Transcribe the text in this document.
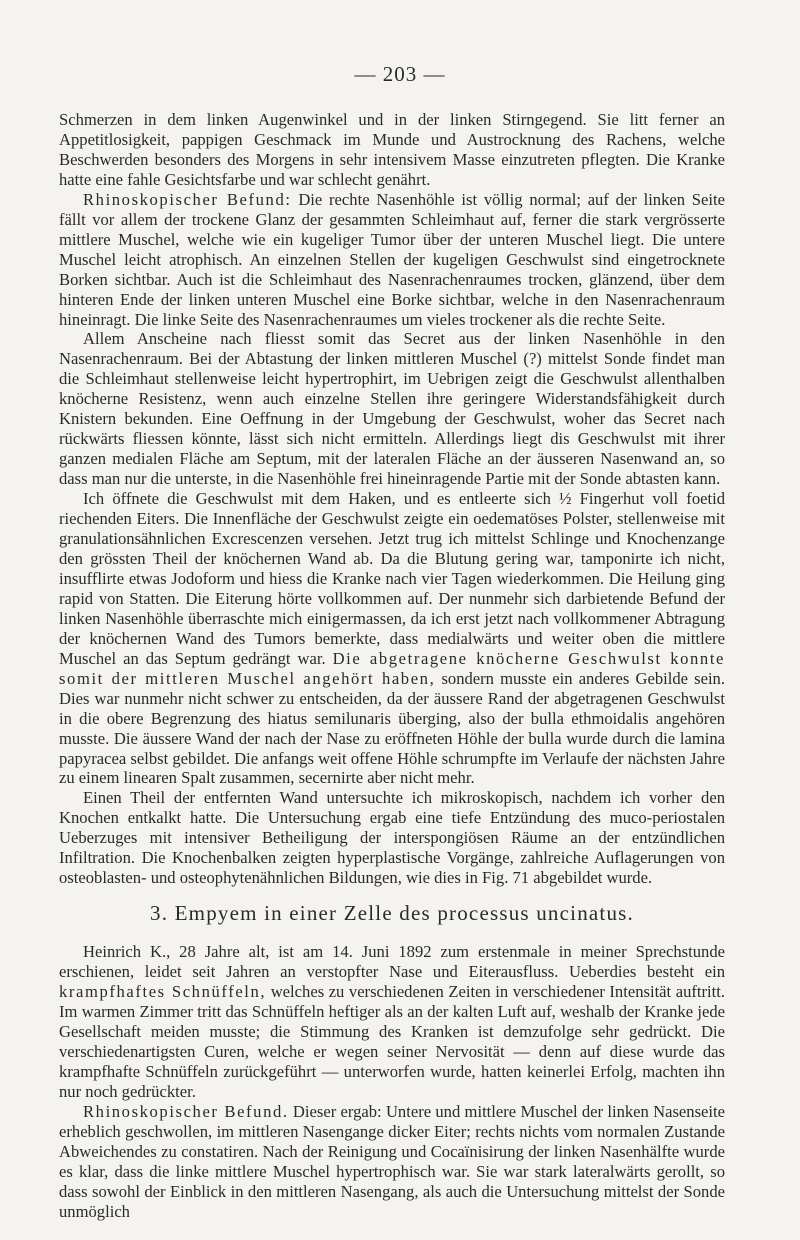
— 203 —

Schmerzen in dem linken Augenwinkel und in der linken Stirngegend. Sie litt ferner an Appetitlosigkeit, pappigen Geschmack im Munde und Austrocknung des Rachens, welche Beschwerden besonders des Morgens in sehr intensivem Masse einzutreten pflegten. Die Kranke hatte eine fahle Gesichtsfarbe und war schlecht genährt.

Rhinoskopischer Befund: Die rechte Nasenhöhle ist völlig normal; auf der linken Seite fällt vor allem der trockene Glanz der gesammten Schleimhaut auf, ferner die stark vergrösserte mittlere Muschel, welche wie ein kugeliger Tumor über der unteren Muschel liegt. Die untere Muschel leicht atrophisch. An einzelnen Stellen der kugeligen Geschwulst sind eingetrocknete Borken sichtbar. Auch ist die Schleimhaut des Nasenrachenraumes trocken, glänzend, über dem hinteren Ende der linken unteren Muschel eine Borke sichtbar, welche in den Nasenrachenraum hineinragt. Die linke Seite des Nasenrachenraumes um vieles trockener als die rechte Seite.

Allem Anscheine nach fliesst somit das Secret aus der linken Nasenhöhle in den Nasenrachenraum. Bei der Abtastung der linken mittleren Muschel (?) mittelst Sonde findet man die Schleimhaut stellenweise leicht hypertrophirt, im Uebrigen zeigt die Geschwulst allenthalben knöcherne Resistenz, wenn auch einzelne Stellen ihre geringere Widerstandsfähigkeit durch Knistern bekunden. Eine Oeffnung in der Umgebung der Geschwulst, woher das Secret nach rückwärts fliessen könnte, lässt sich nicht ermitteln. Allerdings liegt dis Geschwulst mit ihrer ganzen medialen Fläche am Septum, mit der lateralen Fläche an der äusseren Nasenwand an, so dass man nur die unterste, in die Nasenhöhle frei hineinragende Partie mit der Sonde abtasten kann.

Ich öffnete die Geschwulst mit dem Haken, und es entleerte sich ½ Fingerhut voll foetid riechenden Eiters. Die Innenfläche der Geschwulst zeigte ein oedematöses Polster, stellenweise mit granulationsähnlichen Excrescenzen versehen. Jetzt trug ich mittelst Schlinge und Knochenzange den grössten Theil der knöchernen Wand ab. Da die Blutung gering war, tamponirte ich nicht, insufflirte etwas Jodoform und hiess die Kranke nach vier Tagen wiederkommen. Die Heilung ging rapid von Statten. Die Eiterung hörte vollkommen auf. Der nunmehr sich darbietende Befund der linken Nasenhöhle überraschte mich einigermassen, da ich erst jetzt nach vollkommener Abtragung der knöchernen Wand des Tumors bemerkte, dass medialwärts und weiter oben die mittlere Muschel an das Septum gedrängt war. Die abgetragene knöcherne Geschwulst konnte somit der mittleren Muschel angehört haben, sondern musste ein anderes Gebilde sein. Dies war nunmehr nicht schwer zu entscheiden, da der äussere Rand der abgetragenen Geschwulst in die obere Begrenzung des hiatus semilunaris überging, also der bulla ethmoidalis angehören musste. Die äussere Wand der nach der Nase zu eröffneten Höhle der bulla wurde durch die lamina papyracea selbst gebildet. Die anfangs weit offene Höhle schrumpfte im Verlaufe der nächsten Jahre zu einem linearen Spalt zusammen, secernirte aber nicht mehr.

Einen Theil der entfernten Wand untersuchte ich mikroskopisch, nachdem ich vorher den Knochen entkalkt hatte. Die Untersuchung ergab eine tiefe Entzündung des muco-periostalen Ueberzuges mit intensiver Betheiligung der interspongiösen Räume an der entzündlichen Infiltration. Die Knochenbalken zeigten hyperplastische Vorgänge, zahlreiche Auflagerungen von osteoblasten- und osteophytenähnlichen Bildungen, wie dies in Fig. 71 abgebildet wurde.

3. Empyem in einer Zelle des processus uncinatus.

Heinrich K., 28 Jahre alt, ist am 14. Juni 1892 zum erstenmale in meiner Sprechstunde erschienen, leidet seit Jahren an verstopfter Nase und Eiterausfluss. Ueberdies besteht ein krampfhaftes Schnüffeln, welches zu verschiedenen Zeiten in verschiedener Intensität auftritt. Im warmen Zimmer tritt das Schnüffeln heftiger als an der kalten Luft auf, weshalb der Kranke jede Gesellschaft meiden musste; die Stimmung des Kranken ist demzufolge sehr gedrückt. Die verschiedenartigsten Curen, welche er wegen seiner Nervosität — denn auf diese wurde das krampfhafte Schnüffeln zurückgeführt — unterworfen wurde, hatten keinerlei Erfolg, machten ihn nur noch gedrückter.

Rhinoskopischer Befund. Dieser ergab: Untere und mittlere Muschel der linken Nasenseite erheblich geschwollen, im mittleren Nasengange dicker Eiter; rechts nichts vom normalen Zustande Abweichendes zu constatiren. Nach der Reinigung und Cocaïnisirung der linken Nasenhälfte wurde es klar, dass die linke mittlere Muschel hypertrophisch war. Sie war stark lateralwärts gerollt, so dass sowohl der Einblick in den mittleren Nasengang, als auch die Untersuchung mittelst der Sonde unmöglich
